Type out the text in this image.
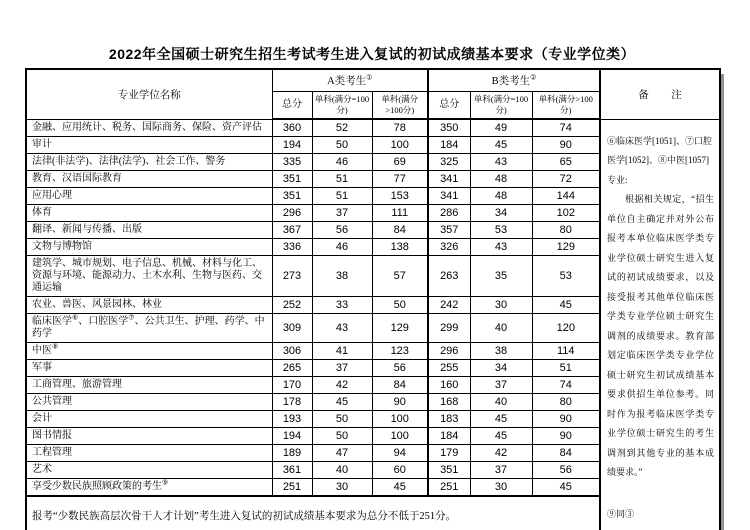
2022年全国硕士研究生招生考试考生进入复试的初试成绩基本要求（专业学位类）
专业学位名称	A类考生①			B类考生②			备　注
	总分	单科(满分=100分)	单科(满分>100分)	总分	单科(满分=100分)	单科(满分>100分)	
金融、应用统计、税务、国际商务、保险、资产评估	360	52	78	350	49	74	⑥临床医学[1051]、⑦口腔医学[1052]、⑧中医[1057]专业:

根据相关规定，“招生单位自主确定并对外公布报考本单位临床医学类专业学位硕士研究生进入复试的初试成绩要求，以及接受报考其他单位临床医学类专业学位硕士研究生调剂的成绩要求。教育部划定临床医学类专业学位硕士研究生初试成绩基本要求供招生单位参考。同时作为报考临床医学类专业学位硕士研究生的考生调剂到其他专业的基本成绩要求。”

⑨同③

审计	194	50	100	184	45	90	
法律(非法学)、法律(法学)、社会工作、警务	335	46	69	325	43	65	
教育、汉语国际教育	351	51	77	341	48	72	
应用心理	351	51	153	341	48	144	
体育	296	37	111	286	34	102	
翻译、新闻与传播、出版	367	56	84	357	53	80	
文物与博物馆	336	46	138	326	43	129	
建筑学、城市规划、电子信息、机械、材料与化工、资源与环境、能源动力、土木水利、生物与医药、交通运输	273	38	57	263	35	53	
农业、兽医、风景园林、林业	252	33	50	242	30	45	
临床医学⑥、口腔医学⑦、公共卫生、护理、药学、中药学	309	43	129	299	40	120	
中医⑧	306	41	123	296	38	114	
军事	265	37	56	255	34	51	
工商管理、旅游管理	170	42	84	160	37	74	
公共管理	178	45	90	168	40	80	
会计	193	50	100	183	45	90	
图书情报	194	50	100	184	45	90	
工程管理	189	47	94	179	42	84	
艺术	361	40	60	351	37	56	
享受少数民族照顾政策的考生⑨	251	30	45	251	30	45	
报考“少数民族高层次骨干人才计划”考生进入复试的初试成绩基本要求为总分不低于251分。							
